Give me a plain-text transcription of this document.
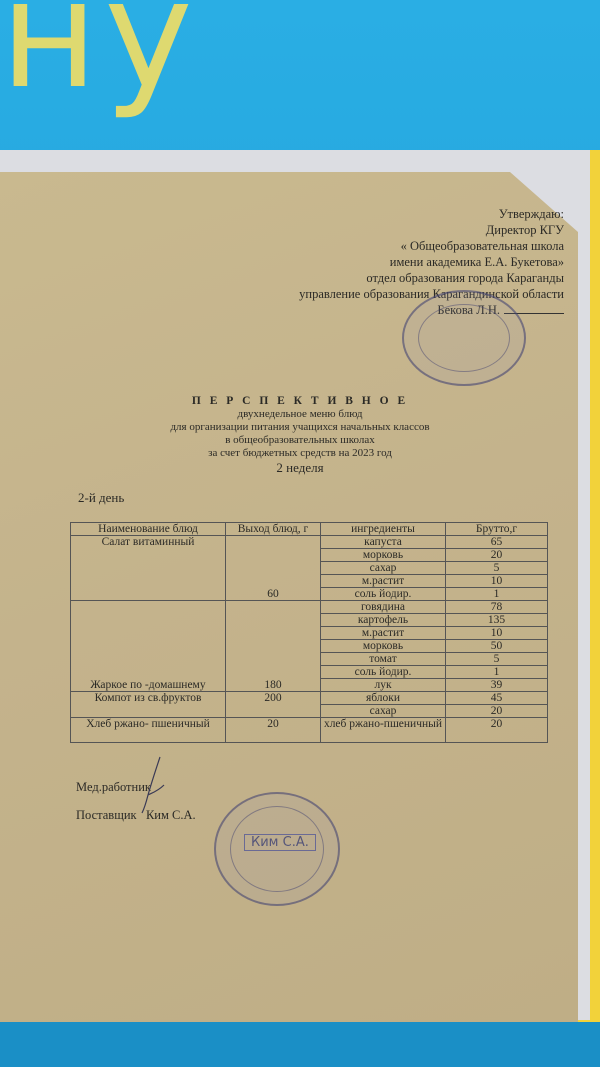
ну
Утверждаю:
Директор КГУ
« Общеобразовательная школа
имени академика Е.А. Букетова»
отдел образования города Караганды
управление образования Карагандинской области
Бекова Л.Н.
П Е Р С П Е К Т И В Н О Е
двухнедельное меню блюд
для организации питания учащихся начальных классов
в общеобразовательных школах
за счет бюджетных средств на 2023 год
2 неделя
2-й день
Наименование блюд	Выход блюд, г	ингредиенты	Брутто,г
Салат витаминный	60	капуста	65
		морковь	20
		сахар	5
		м.растит	10
		соль йодир.	1
Жаркое по -домашнему	180	говядина	78
		картофель	135
		м.растит	10
		морковь	50
		томат	5
		соль йодир.	1
		лук	39
Компот из св.фруктов	200	яблоки	45
		сахар	20
Хлеб ржано- пшеничный	20	хлеб ржано-пшеничный	20
Мед.работник
Поставщик   Ким С.А.
Ким С.А.
